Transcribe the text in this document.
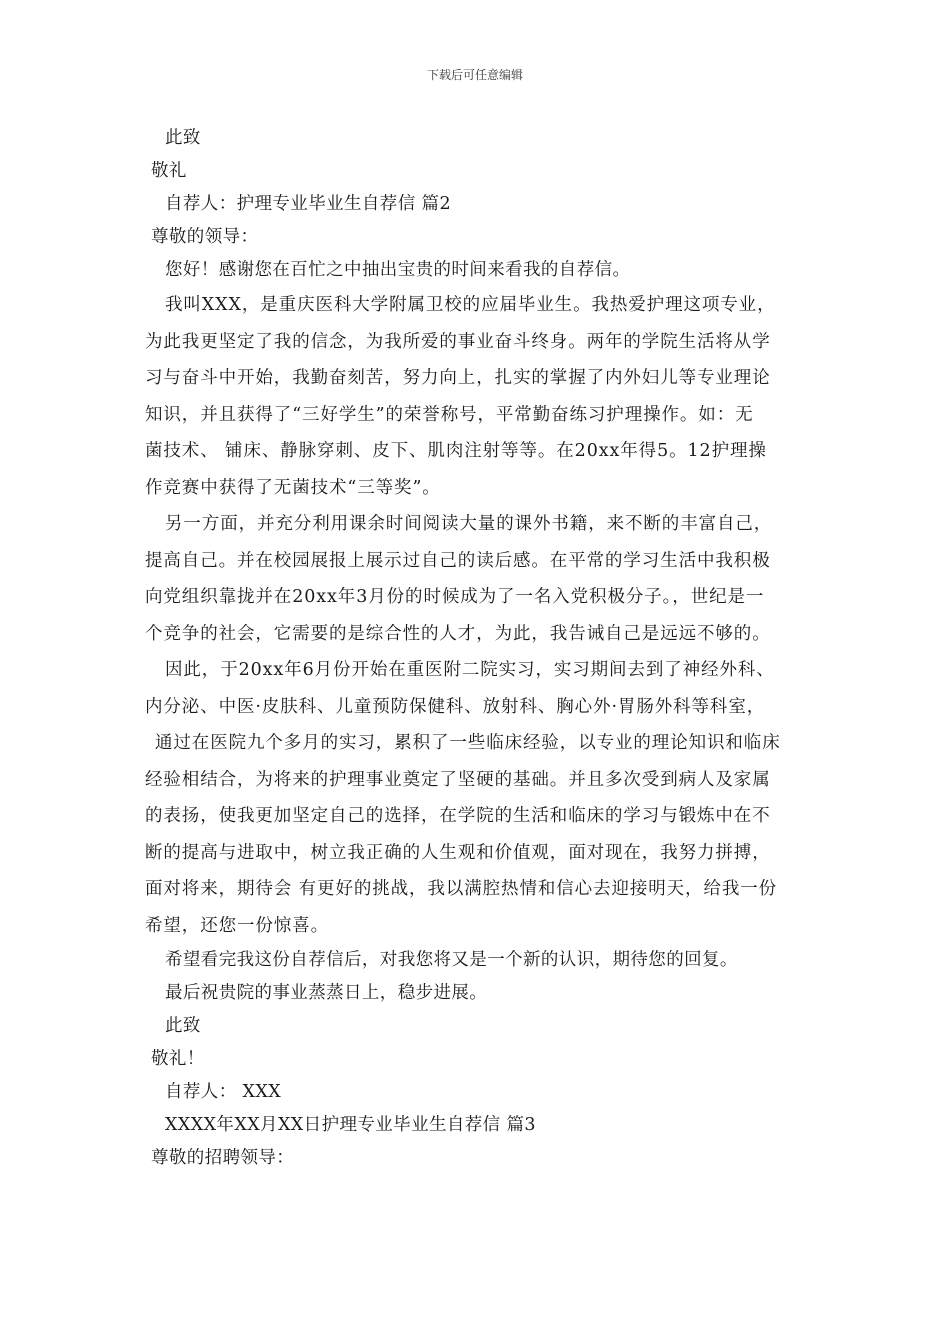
下载后可任意编辑
此致
敬礼
自荐人：护理专业毕业生自荐信 篇2
尊敬的领导：
您好！感谢您在百忙之中抽出宝贵的时间来看我的自荐信。
我叫XXX，是重庆医科大学附属卫校的应届毕业生。我热爱护理这项专业，
为此我更坚定了我的信念，为我所爱的事业奋斗终身。两年的学院生活将从学
习与奋斗中开始，我勤奋刻苦，努力向上，扎实的掌握了内外妇儿等专业理论
知识，并且获得了“三好学生”的荣誉称号，平常勤奋练习护理操作。如：无
菌技术、 铺床、静脉穿刺、皮下、肌肉注射等等。在20xx年得5。12护理操
作竞赛中获得了无菌技术“三等奖”。
另一方面，并充分利用课余时间阅读大量的课外书籍，来不断的丰富自己，
提高自己。并在校园展报上展示过自己的读后感。在平常的学习生活中我积极
向党组织靠拢并在20xx年3月份的时候成为了一名入党积极分子。，世纪是一
个竞争的社会，它需要的是综合性的人才，为此，我告诫自己是远远不够的。
因此，于20xx年6月份开始在重医附二院实习，实习期间去到了神经外科、
内分泌、中医·皮肤科、儿童预防保健科、放射科、胸心外·胃肠外科等科室，
通过在医院九个多月的实习，累积了一些临床经验，以专业的理论知识和临床
经验相结合，为将来的护理事业奠定了坚硬的基础。并且多次受到病人及家属
的表扬，使我更加坚定自己的选择，在学院的生活和临床的学习与锻炼中在不
断的提高与进取中，树立我正确的人生观和价值观，面对现在，我努力拼搏，
面对将来，期待会 有更好的挑战，我以满腔热情和信心去迎接明天，给我一份
希望，还您一份惊喜。
希望看完我这份自荐信后，对我您将又是一个新的认识，期待您的回复。
最后祝贵院的事业蒸蒸日上，稳步进展。
此致
敬礼！
自荐人： XXX
XXXX年XX月XX日护理专业毕业生自荐信 篇3
尊敬的招聘领导：
